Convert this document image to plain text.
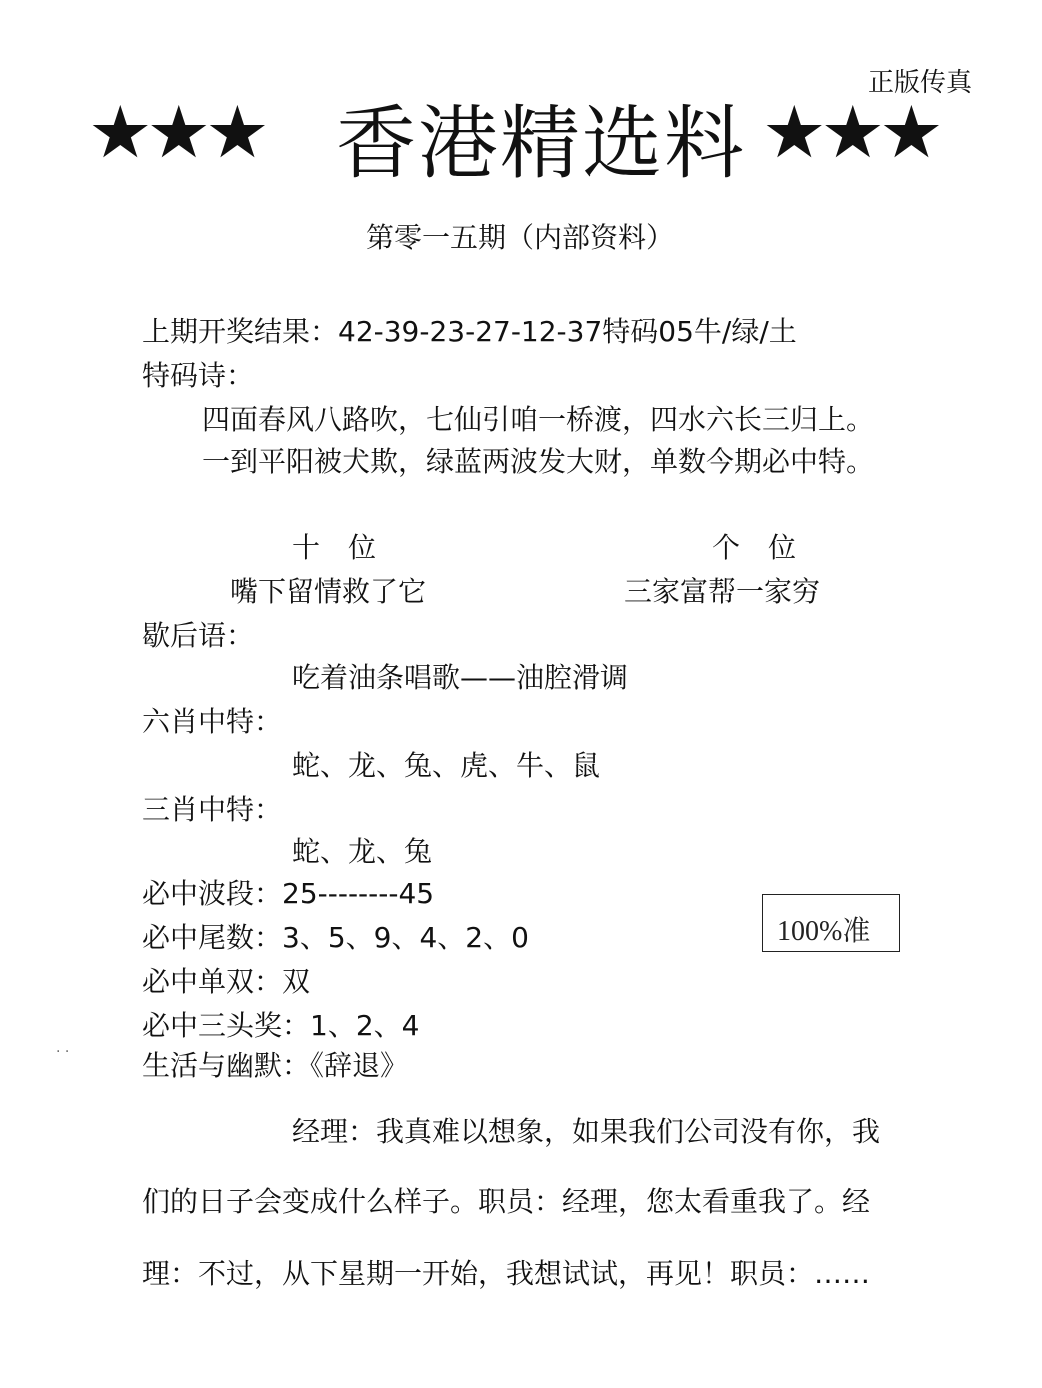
正版传真
★★★ 香港精选料 ★★★
第零一五期（内部资料）
上期开奖结果：42-39-23-27-12-37特码05牛/绿/土
特码诗：
四面春风八路吹，七仙引咱一桥渡，四水六长三归上。
一到平阳被犬欺，绿蓝两波发大财，单数今期必中特。
十　位	个　位
嘴下留情救了它	三家富帮一家穷
歇后语：
吃着油条唱歌——油腔滑调
六肖中特：
蛇、龙、兔、虎、牛、鼠
三肖中特：
蛇、龙、兔
必中波段：25--------45
必中尾数：3、5、9、4、2、0
必中单双：双
必中三头奖：1、2、4
生活与幽默：《辞退》
100%准
· ·
经理：我真难以想象，如果我们公司没有你，我
们的日子会变成什么样子。职员：经理，您太看重我了。经
理：不过，从下星期一开始，我想试试，再见！职员：……
